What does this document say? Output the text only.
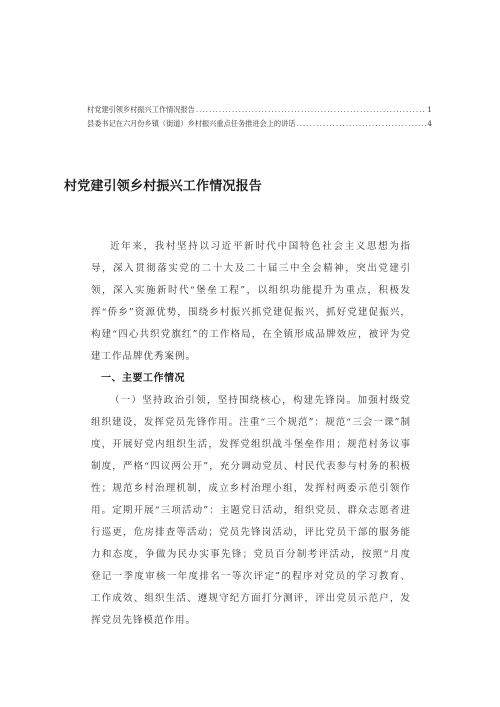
村党建引领乡村振兴工作情况报告 .....	1
县委书记在六月份乡镇（街道）乡村振兴重点任务推进会上的讲话 .....	4
村党建引领乡村振兴工作情况报告

近年来，我村坚持以习近平新时代中国特色社会主义思想为指导，深入贯彻落实党的二十大及二十届三中全会精神，突出党建引领，深入实施新时代“堡垒工程”，以组织功能提升为重点，积极发挥“侨乡”资源优势，围绕乡村振兴抓党建促振兴，抓好党建促振兴，构建“四心共织党旗红”的工作格局，在全镇形成品牌效应，被评为党建工作品牌优秀案例。

一、主要工作情况

（一）坚持政治引领，坚持围绕核心，构建先锋岗。加强村级党组织建设，发挥党员先锋作用。注重“三个规范”：规范“三会一课”制度，开展好党内组织生活，发挥党组织战斗堡垒作用；规范村务议事制度，严格“四议两公开”，充分调动党员、村民代表参与村务的积极性；规范乡村治理机制，成立乡村治理小组，发挥村两委示范引领作用。定期开展“三项活动”：主题党日活动，组织党员、群众志愿者进行巡更，危房排查等活动；党员先锋岗活动，评比党员干部的服务能力和态度，争做为民办实事先锋；党员百分制考评活动，按照“月度登记一季度审核一年度排名一等次评定”的程序对党员的学习教育、工作成效、组织生活、遵规守纪方面打分测评，评出党员示范户，发挥党员先锋模范作用。
